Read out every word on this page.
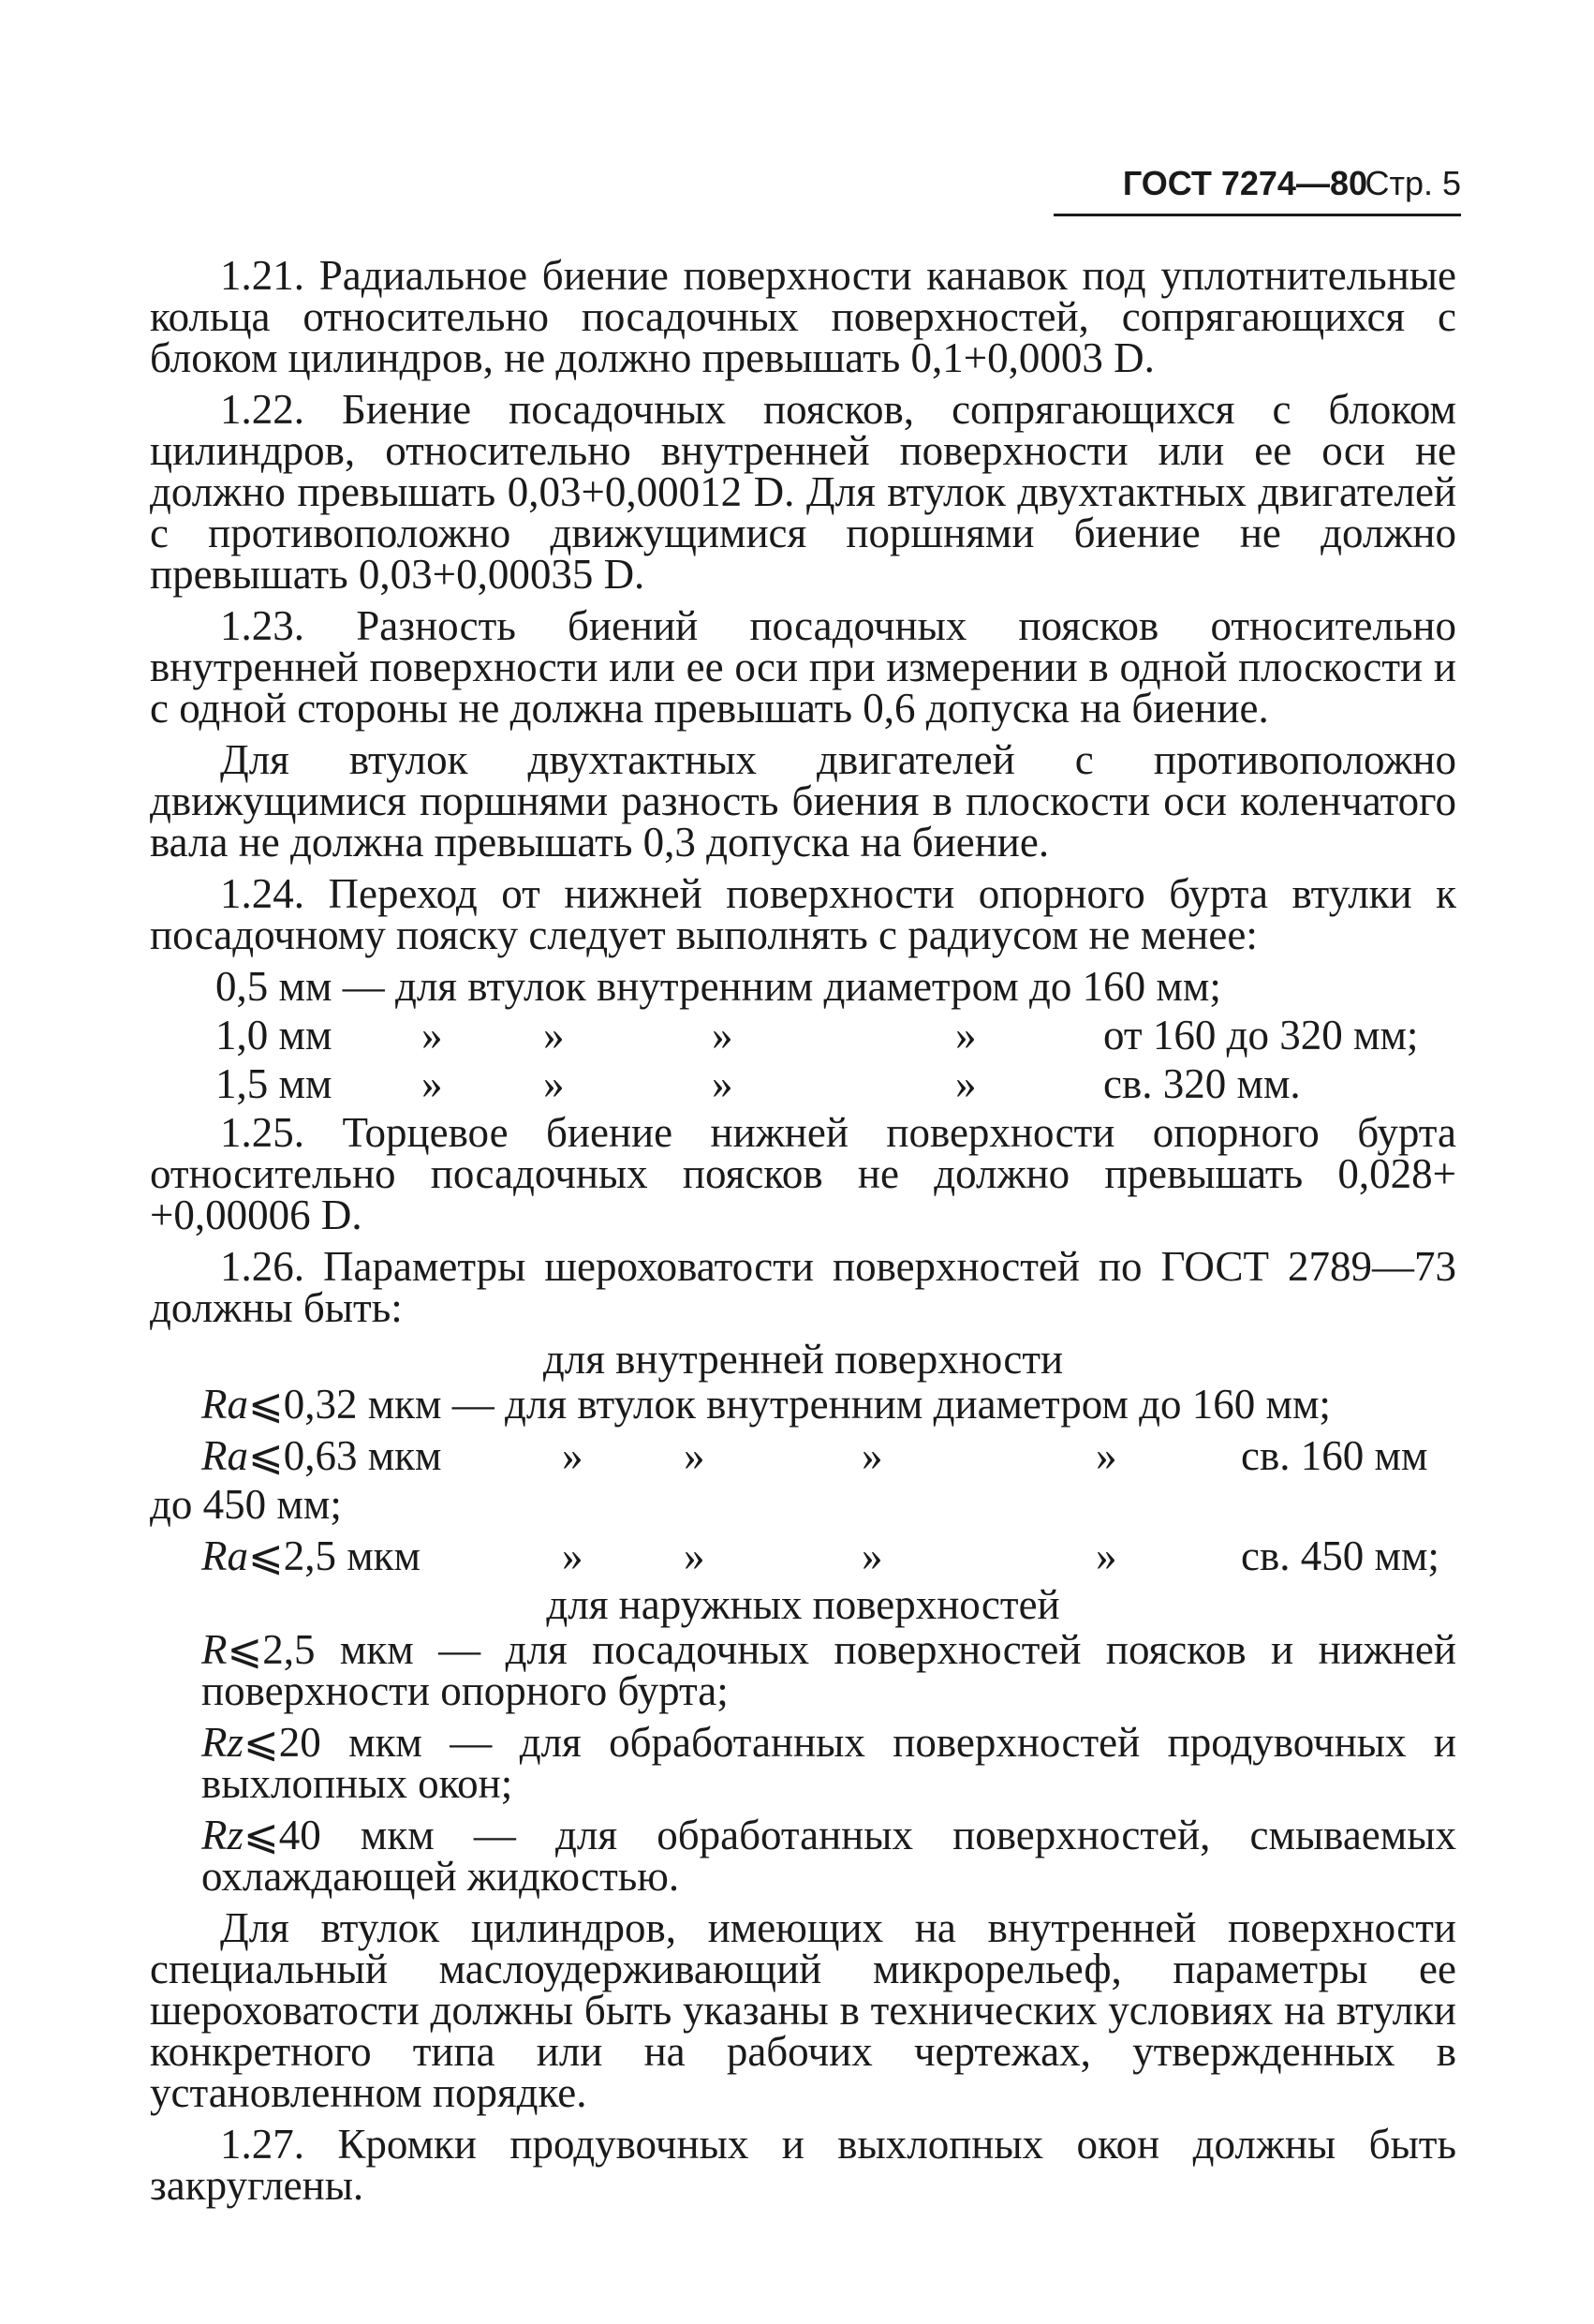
ГОСТ 7274—80
Стр. 5

1.21. Радиальное биение поверхности канавок под уплотнительные кольца относительно посадочных поверхностей, сопрягающихся с блоком цилиндров, не должно превышать 0,1+0,0003 D.

1.22. Биение посадочных поясков, сопрягающихся с блоком цилиндров, относительно внутренней поверхности или ее оси не должно превышать 0,03+0,00012 D. Для втулок двухтактных двигателей с противоположно движущимися поршнями биение не должно превышать 0,03+0,00035 D.

1.23. Разность биений посадочных поясков относительно внутренней поверхности или ее оси при измерении в одной плоскости и с одной стороны не должна превышать 0,6 допуска на биение.

Для втулок двухтактных двигателей с противоположно движущимися поршнями разность биения в плоскости оси коленчатого вала не должна превышать 0,3 допуска на биение.

1.24. Переход от нижней поверхности опорного бурта втулки к посадочному пояску следует выполнять с радиусом не менее:

0,5 мм — для втулок внутренним диаметром до 160 мм;
1,0 мм » »	»	»	от 160 до 320 мм;
1,5 мм » »	»	»	св. 320 мм.

1.25. Торцевое биение нижней поверхности опорного бурта относительно посадочных поясков не должно превышать 0,028+ +0,00006 D.

1.26. Параметры шероховатости поверхностей по ГОСТ 2789—73 должны быть:

для внутренней поверхности

Ra⩽0,32 мкм — для втулок внутренним диаметром до 160 мм;

Ra⩽0,63 мкм	» »	»	»	св. 160 мм

до 450 мм;

Ra⩽2,5 мкм	» »	»	»	св. 450 мм;

для наружных поверхностей

R⩽2,5 мкм — для посадочных поверхностей поясков и нижней поверхности опорного бурта;

Rz⩽20 мкм — для обработанных поверхностей продувочных и выхлопных окон;

Rz⩽40 мкм — для обработанных поверхностей, смываемых охлаждающей жидкостью.

Для втулок цилиндров, имеющих на внутренней поверхности специальный маслоудерживающий микрорельеф, параметры ее шероховатости должны быть указаны в технических условиях на втулки конкретного типа или на рабочих чертежах, утвержденных в установленном порядке.

1.27. Кромки продувочных и выхлопных окон должны быть закруглены.
